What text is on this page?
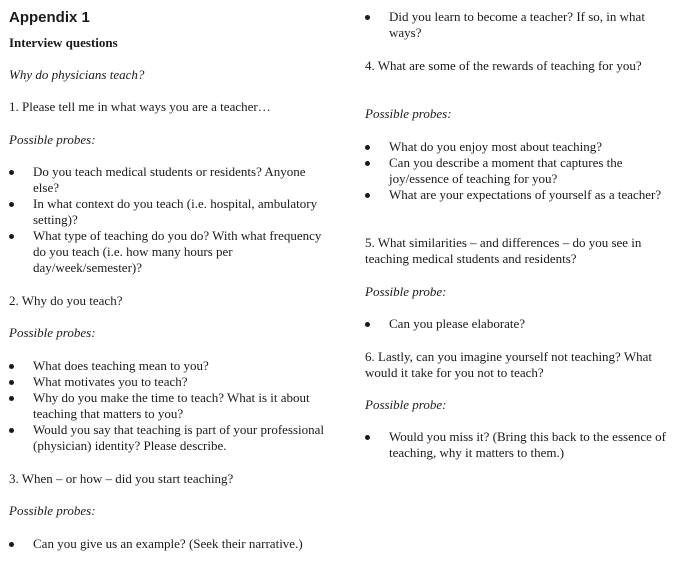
Appendix 1
Interview questions

Why do physicians teach?

1. Please tell me in what ways you are a teacher…

Possible probes:

Do you teach medical students or residents? Anyone else?
In what context do you teach (i.e. hospital, ambulatory setting)?
What type of teaching do you do? With what frequency do you teach (i.e. how many hours per day/week/semester)?

2. Why do you teach?

Possible probes:

What does teaching mean to you?
What motivates you to teach?
Why do you make the time to teach? What is it about teaching that matters to you?
Would you say that teaching is part of your professional (physician) identity? Please describe.

3. When – or how – did you start teaching?

Possible probes:

Can you give us an example? (Seek their narrative.)
Did you learn to become a teacher? If so, in what ways?

4. What are some of the rewards of teaching for you?

Possible probes:

What do you enjoy most about teaching?
Can you describe a moment that captures the joy/essence of teaching for you?
What are your expectations of yourself as a teacher?

5. What similarities – and differences – do you see in teaching medical students and residents?

Possible probe:

Can you please elaborate?

6. Lastly, can you imagine yourself not teaching? What would it take for you not to teach?

Possible probe:

Would you miss it? (Bring this back to the essence of teaching, why it matters to them.)
